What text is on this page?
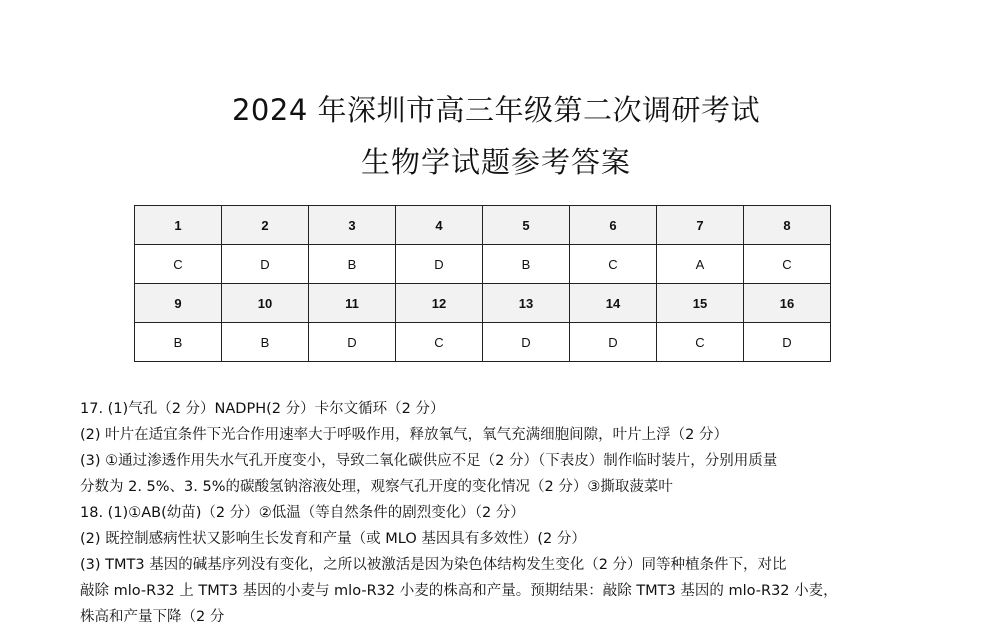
2024 年深圳市高三年级第二次调研考试
生物学试题参考答案
1	2	3	4	5	6	7	8
C	D	B	D	B	C	A	C
9	10	11	12	13	14	15	16
B	B	D	C	D	D	C	D
17. (1)气孔（2 分）NADPH(2 分）卡尔文循环（2 分）
(2) 叶片在适宜条件下光合作用速率大于呼吸作用，释放氧气，氧气充满细胞间隙，叶片上浮（2 分）
(3) ①通过渗透作用失水气孔开度变小，导致二氧化碳供应不足（2 分）（下表皮）制作临时装片，分别用质量
分数为 2. 5%、3. 5%的碳酸氢钠溶液处理，观察气孔开度的变化情况（2 分）③撕取菠菜叶
18. (1)①AB(幼苗)（2 分）②低温（等自然条件的剧烈变化）（2 分）
(2) 既控制感病性状又影响生长发育和产量（或 MLO 基因具有多效性）(2 分）
(3) TMT3 基因的碱基序列没有变化，之所以被激活是因为染色体结构发生变化（2 分）同等种植条件下，对比
敲除 mlo-R32 上 TMT3 基因的小麦与 mlo-R32 小麦的株高和产量。预期结果：敲除 TMT3 基因的 mlo-R32 小麦，
株高和产量下降（2 分
